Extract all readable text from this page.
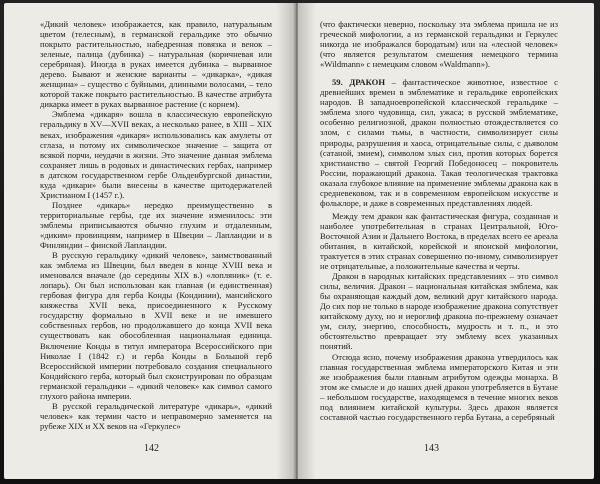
«Дикий человек» изображается, как правило, натуральным цветом (телесным), в германской геральдике это обычно покрыто растительностью, набедренная повязка и венок – зеленые, палица (дубинка) – натуральная (коричневая или серебряная). Иногда в руках имеется дубинка – вырванное дерево. Бывают и женские варианты – «дикарка», «дикая женщина» – существо с буйными, длинными волосами, – тело которой также покрыто растительностью. В качестве атрибута дикарка имеет в руках вырванное растение (с корнем).

Эмблема «дикаря» вошла в классическую европейскую геральдику в XV—XVII веках, а несколько ранее, в XIII – XIX веках, изображения «дикаря» использовались как амулеты от сглаза, и потому их символическое значение – защита от всякой порчи, неудачи в жизни. Это значение данная эмблема сохраняет лишь в родовых и династических гербах, например в датском государственном гербе Ольденбургской династии, куда «дикари» были внесены в качестве щитодержателей Христианом I (1457 г.).

Позднее «дикарь» нередко преимущественно в территориальные гербы, где их значение изменилось: эти эмблемы приписываются обычно глухим и отдаленным, «диким» провинциям, например в Швеции – Лапландии и в Финляндии – финской Лапландии.

В русскую геральдику «дикий человек», заимствованный как эмблема из Швеции, был введен в конце XVIII века и именовался вначале (до середины XIX в.) «лопляник» (т. е. лопарь). Он был использован как главная (и единственная) гербовая фигура для герба Конды (Кондинии), мансийского княжества XVII века, присоединенного к Русскому государству формально в XVII веке и не имевшего собственных гербов, но продолжавшего до конца XVII века существовать как обособленная национальная единица. Включение Конды в титул императора Всероссийского при Николае I (1842 г.) и герба Конды в Большой герб Всероссийской империи потребовало создания специального Кондийского герба, который был сконструирован по образцам германской геральдики – «дикий человек» как символ самого глухого района империи.

В русской геральдической литературе «дикарь», «дикий человек» как термин часто и неправомерно заменяется на рубеже XIX и XX веков на «Геркулес»

142

(что фактически неверно, поскольку эта эмблема пришла не из греческой мифологии, а из германской геральдики и Геркулес никогда не изображался бородатым) или на «лесной человек» (что является результатом смешения немецкого термина «Wildmann» с немецким словом «Waldmann»).

59. ДРАКОН – фантастическое животное, известное с древнейших времен в эмблематике и геральдике европейских народов. В западноевропейской классической геральдике – эмблема злого чудовища, сил, ужаса; в русской эмблематике, особенно религиозной, дракон полностью отождествляется со злом, с силами тьмы, в частности, символизирует силы природы, разрушения и хаоса, отрицательные силы, с дьяволом (сатаной, змием), символом злых сил, против которых борется христианство – святой Георгий Победоносец – покровитель России, поражающий дракона. Такая теологическая трактовка оказала глубокое влияние на применение эмблемы дракона как в средневековом, так и в современном европейском искусстве и фольклоре, и даже в современных представлениях людей.

Между тем дракон как фантастическая фигура, созданная и наиболее употребительная в странах Центральной, Юго-Восточной Азии и Дальнего Востока, в пределах всего ее ареала обитания, в китайской, корейской и японской мифологии, трактуется в этих странах совершенно по-иному, символизирует не отрицательные, а положительные качества и черты.

Дракон в народных китайских представлениях – это символ силы, величия. Дракон – национальная китайская эмблема, как бы охраняющая каждый дом, великий друг китайского народа. До сих пор не только в народе изображение дракона сопутствует китайскому духу, но и иероглиф дракона по-прежнему означает ум, силу, энергию, способность, мудрость и т. п., и это обстоятельство превращает эту эмблему всех указанных понятий.

Отсюда ясно, почему изображения дракона утвердилось как главная государственная эмблема императорского Китая и эти же изображения были главным атрибутом одежды монарха. В этом же смысле и до наших дней дракон употребляется в Бутане – небольшом государстве, находящемся в течение многих веков под влиянием китайской культуры. Здесь дракон является составной частью государственного герба Бутана, а серебряный

143
